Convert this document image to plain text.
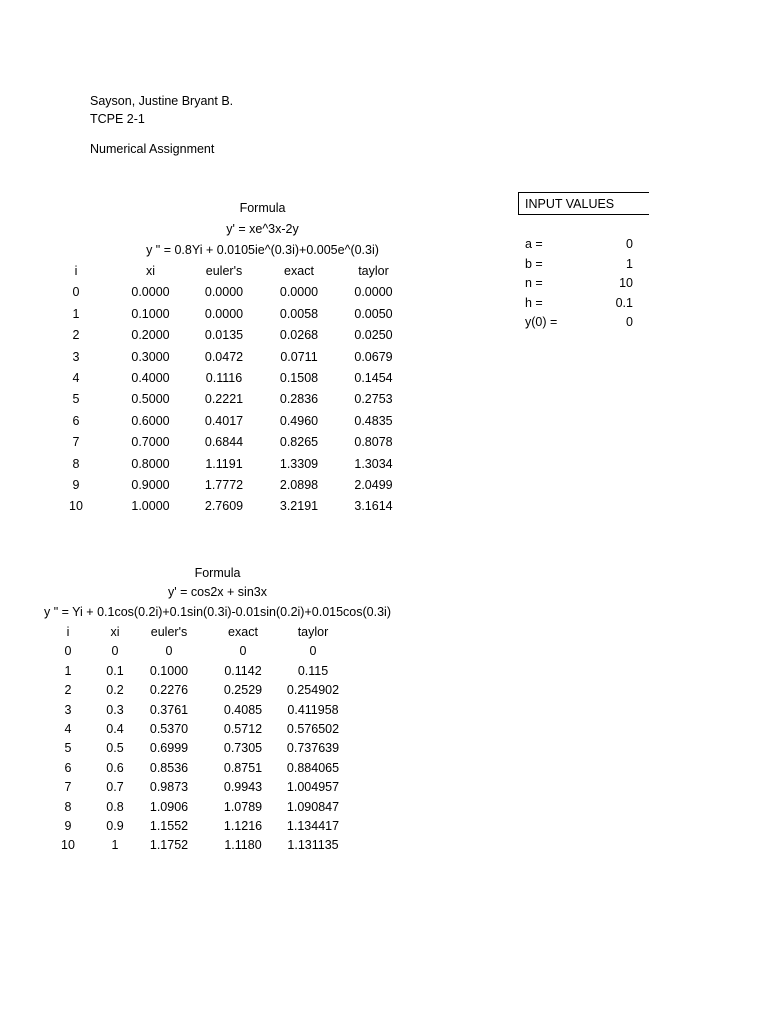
Sayson, Justine Bryant B.
TCPE 2-1
Numerical Assignment
Formula
y' = xe^3x-2y
y " = 0.8Yi + 0.0105ie^(0.3i)+0.005e^(0.3i)
i	xi	euler's	exact	taylor
0	0.0000	0.0000	0.0000	0.0000
1	0.1000	0.0000	0.0058	0.0050
2	0.2000	0.0135	0.0268	0.0250
3	0.3000	0.0472	0.0711	0.0679
4	0.4000	0.1116	0.1508	0.1454
5	0.5000	0.2221	0.2836	0.2753
6	0.6000	0.4017	0.4960	0.4835
7	0.7000	0.6844	0.8265	0.8078
8	0.8000	1.1191	1.3309	1.3034
9	0.9000	1.7772	2.0898	2.0499
10	1.0000	2.7609	3.2191	3.1614
Formula
y' = cos2x + sin3x
y " = Yi + 0.1cos(0.2i)+0.1sin(0.3i)-0.01sin(0.2i)+0.015cos(0.3i)
i	xi	euler's	exact	taylor
0	0	0	0	0
1	0.1	0.1000	0.1142	0.115
2	0.2	0.2276	0.2529	0.254902
3	0.3	0.3761	0.4085	0.411958
4	0.4	0.5370	0.5712	0.576502
5	0.5	0.6999	0.7305	0.737639
6	0.6	0.8536	0.8751	0.884065
7	0.7	0.9873	0.9943	1.004957
8	0.8	1.0906	1.0789	1.090847
9	0.9	1.1552	1.1216	1.134417
10	1	1.1752	1.1180	1.131135
INPUT VALUES
a =	0
b =	1
n =	10
h =	0.1
y(0) =	0
